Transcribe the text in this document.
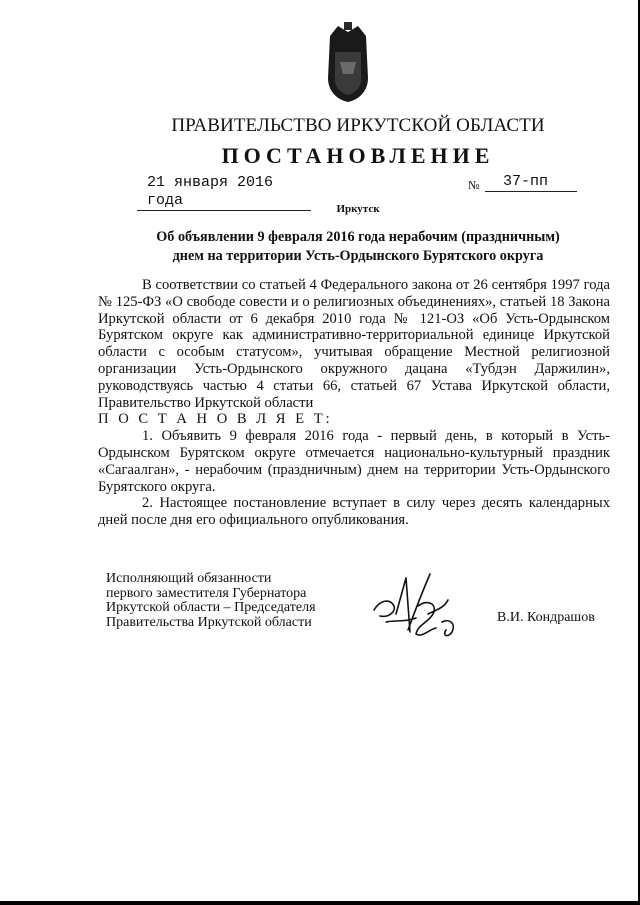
ПРАВИТЕЛЬСТВО ИРКУТСКОЙ ОБЛАСТИ
ПОСТАНОВЛЕНИЕ
21 января 2016 года
№	37-пп
Иркутск
Об объявлении 9 февраля 2016 года нерабочим (праздничным)
днем на территории Усть-Ордынского Бурятского округа

В соответствии со статьей 4 Федерального закона от 26 сентября 1997 года № 125-ФЗ «О свободе совести и о религиозных объединениях», статьей 18 Закона Иркутской области от 6 декабря 2010 года № 121-ОЗ «Об Усть-Ордынском Бурятском округе как административно-территориальной единице Иркутской области с особым статусом», учитывая обращение Местной религиозной организации Усть-Ордынского окружного дацана «Тубдэн Даржилин», руководствуясь частью 4 статьи 66, статьей 67 Устава Иркутской области, Правительство Иркутской области

П О С Т А Н О В Л Я Е Т:

1. Объявить 9 февраля 2016 года - первый день, в который в Усть-Ордынском Бурятском округе отмечается национально-культурный праздник «Сагаалган», - нерабочим (праздничным) днем на территории Усть-Ордынского Бурятского округа.

2. Настоящее постановление вступает в силу через десять календарных дней после дня его официального опубликования.

Исполняющий обязанности
первого заместителя Губернатора
Иркутской области – Председателя
Правительства Иркутской области	В.И. Кондрашов
